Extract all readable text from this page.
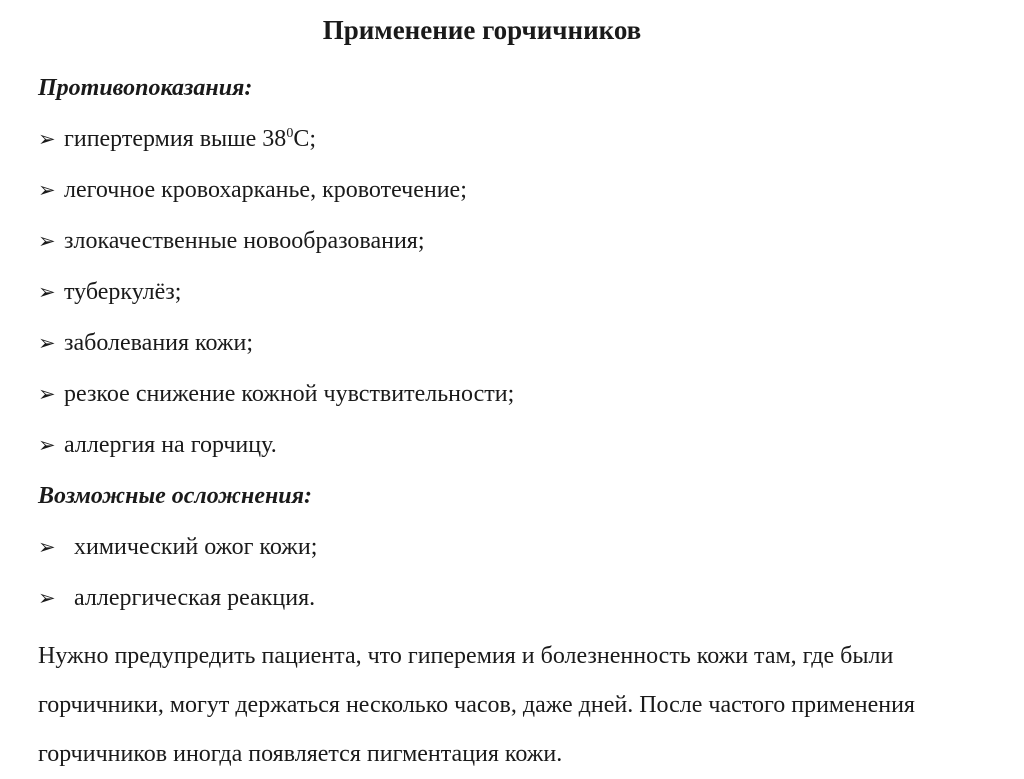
Применение горчичников
Противопоказания:
➢ гипертермия выше $38^0С$;
➢ легочное кровохарканье, кровотечение;
➢ злокачественные новообразования;
➢ туберкулёз;
➢ заболевания кожи;
➢ резкое снижение кожной чувствительности;
➢ аллергия на горчицу.
Возможные осложнения:
➢ химический ожог кожи;
➢ аллергическая реакция.
Нужно предупредить пациента, что гиперемия и болезненность кожи там, где были горчичники, могут держаться несколько часов, даже дней. После частого применения горчичников иногда появляется пигментация кожи.
